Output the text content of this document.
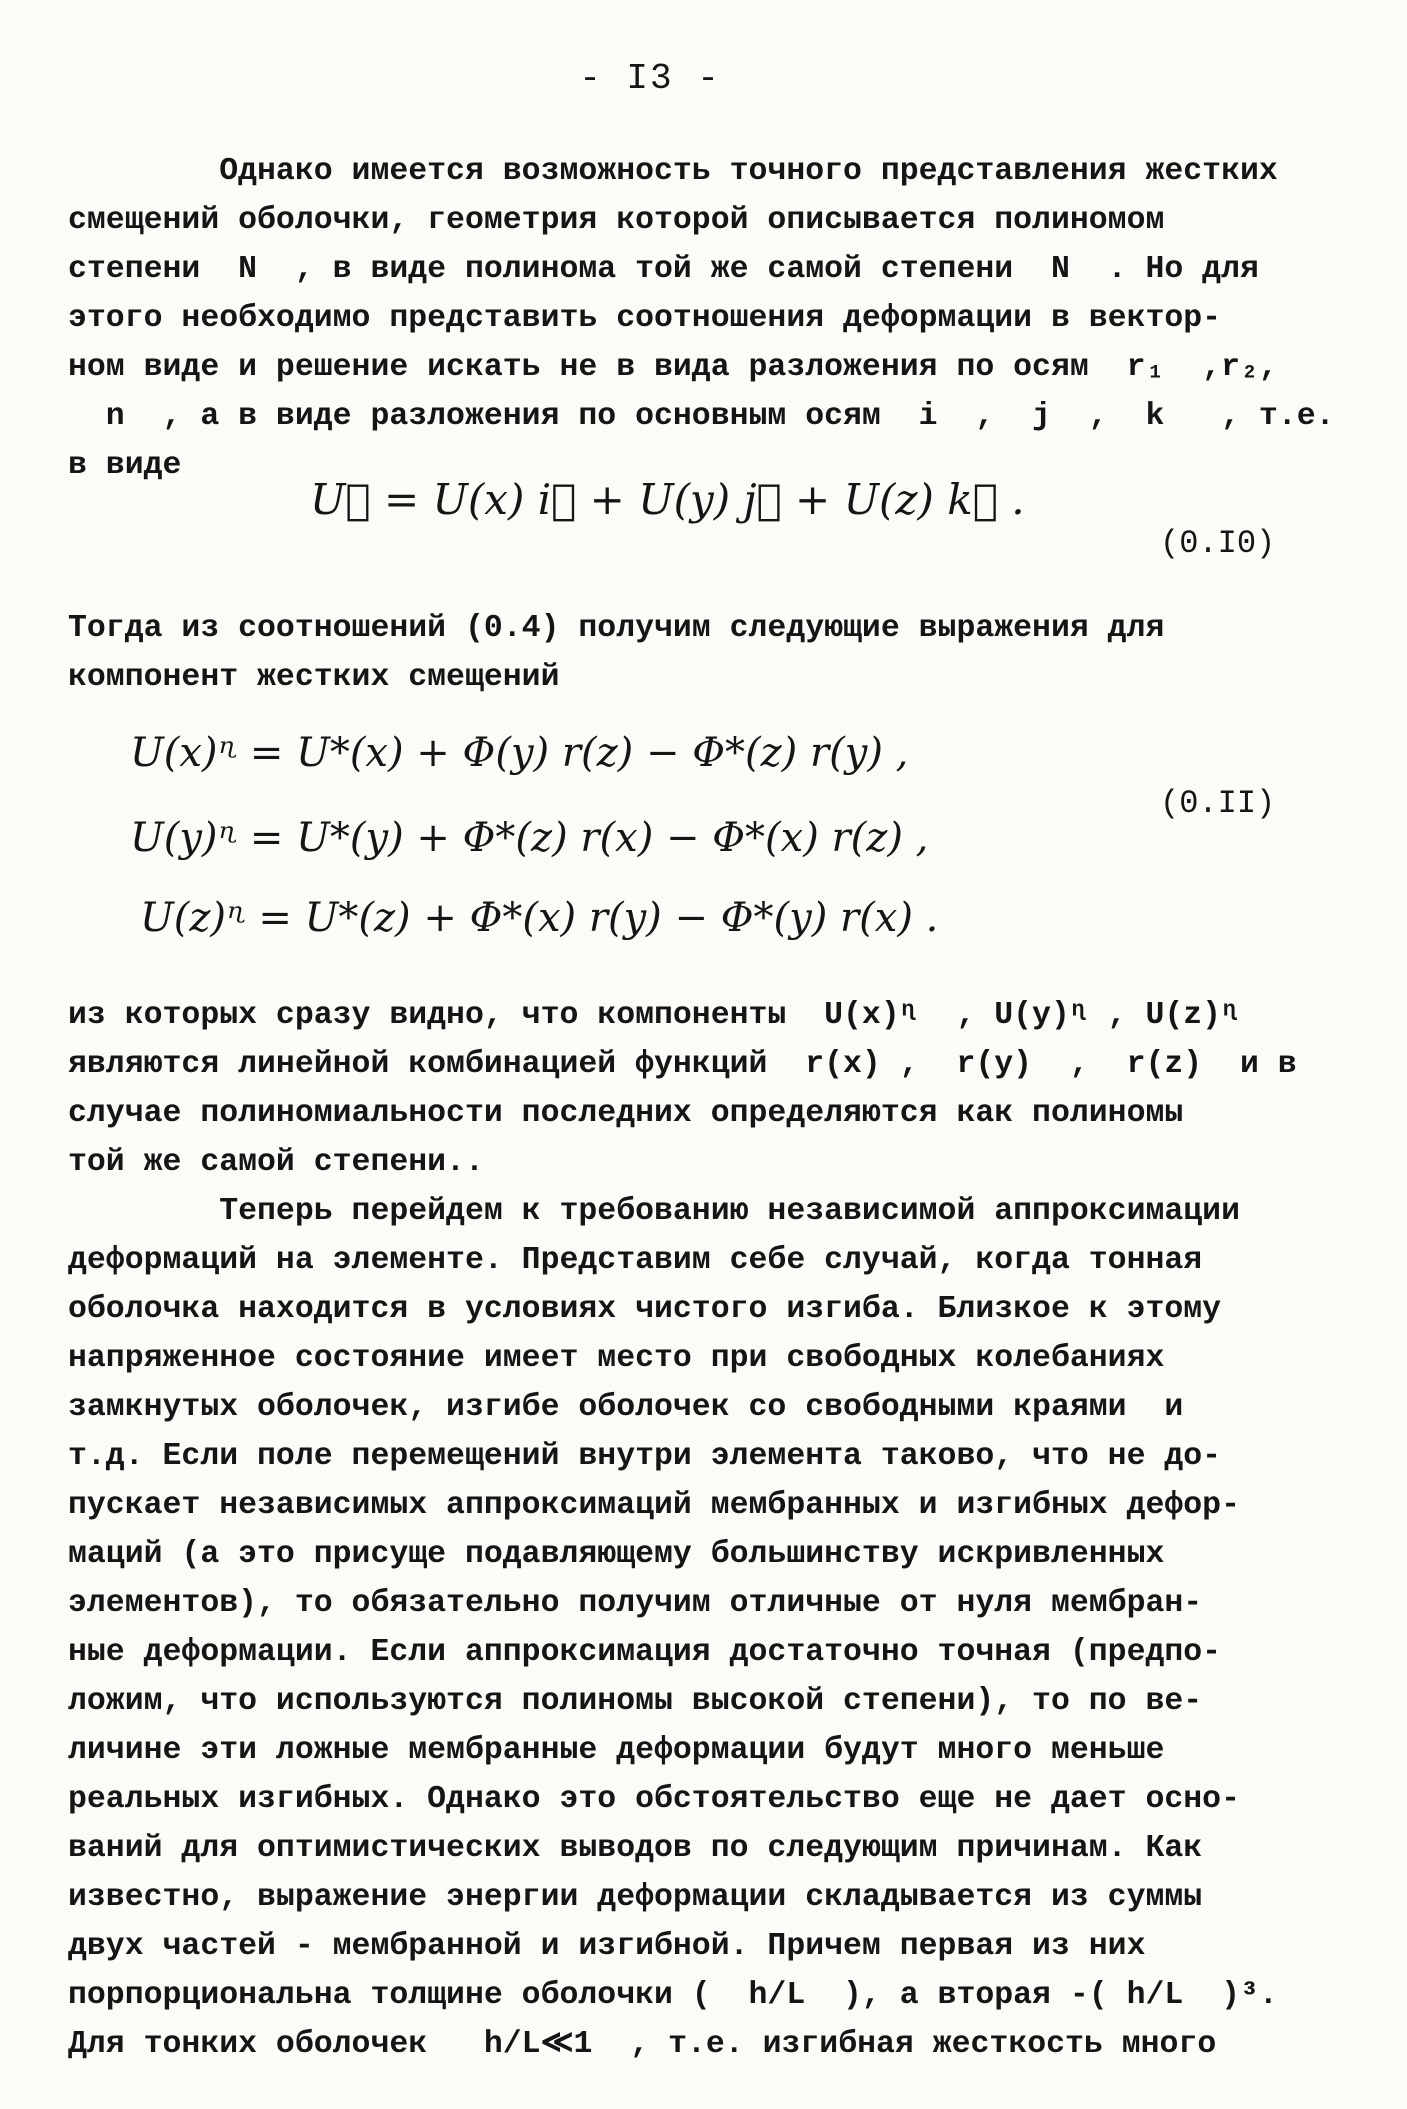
- I3 -
Однако имеется возможность точного представления жестких
смещений оболочки, геометрия которой описывается полиномом
степени  N  , в виде полинома той же самой степени  N  . Но для
этого необходимо представить соотношения деформации в вектор-
ном виде и решение искать не в вида разложения по осям  r₁  ,r₂,
n  , а в виде разложения по основным осям  i  ,  j  ,  k   , т.е.
в виде
U⃗ = U(x) i⃗ + U(y) j⃗ + U(z) k⃗ .
(0.I0)
Тогда из соотношений (0.4) получим следующие выражения для
компонент жестких смещений
U(x)ᶯ = U*(x) + Φ(y) r(z) − Φ*(z) r(y) ,
U(y)ᶯ = U*(y) + Φ*(z) r(x) − Φ*(x) r(z) ,
U(z)ᶯ = U*(z) + Φ*(x) r(y) − Φ*(y) r(x) .
(0.II)
из которых сразу видно, что компоненты  U(x)ᶯ  , U(y)ᶯ , U(z)ᶯ
являются линейной комбинацией функций  r(x) ,  r(y)  ,  r(z)  и в
случае полиномиальности последних определяются как полиномы
той же самой степени..
Теперь перейдем к требованию независимой аппроксимации
деформаций на элементе. Представим себе случай, когда тонная
оболочка находится в условиях чистого изгиба. Близкое к этому
напряженное состояние имеет место при свободных колебаниях
замкнутых оболочек, изгибе оболочек со свободными краями  и
т.д. Если поле перемещений внутри элемента таково, что не до-
пускает независимых аппроксимаций мембранных и изгибных дефор-
маций (а это присуще подавляющему большинству искривленных
элементов), то обязательно получим отличные от нуля мембран-
ные деформации. Если аппроксимация достаточно точная (предпо-
ложим, что используются полиномы высокой степени), то по ве-
личине эти ложные мембранные деформации будут много меньше
реальных изгибных. Однако это обстоятельство еще не дает осно-
ваний для оптимистических выводов по следующим причинам. Как
известно, выражение энергии деформации складывается из суммы
двух частей - мембранной и изгибной. Причем первая из них
порпорциональна толщине оболочки (  h/L  ), а вторая -( h/L  )³.
Для тонких оболочек   h/L≪1  , т.е. изгибная жесткость много
